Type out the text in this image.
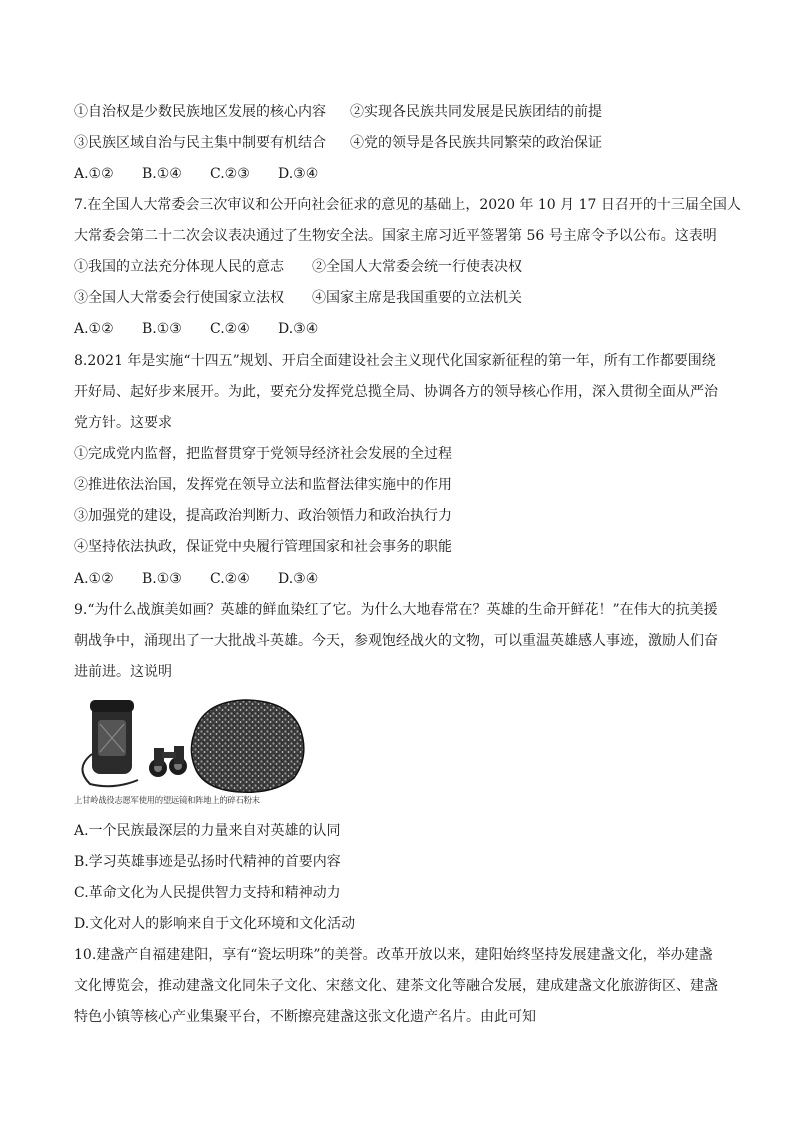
①自治权是少数民族地区发展的核心内容 ②实现各民族共同发展是民族团结的前提
③民族区域自治与民主集中制要有机结合 ④党的领导是各民族共同繁荣的政治保证
A.①② B.①④ C.②③ D.③④
7.在全国人大常委会三次审议和公开向社会征求的意见的基础上，2020 年 10 月 17 日召开的十三届全国人
大常委会第二十二次会议表决通过了生物安全法。国家主席习近平签署第 56 号主席令予以公布。这表明
①我国的立法充分体现人民的意志 ②全国人大常委会统一行使表决权
③全国人大常委会行使国家立法权 ④国家主席是我国重要的立法机关
A.①② B.①③ C.②④ D.③④
8.2021 年是实施“十四五”规划、开启全面建设社会主义现代化国家新征程的第一年，所有工作都要围绕
开好局、起好步来展开。为此，要充分发挥党总揽全局、协调各方的领导核心作用，深入贯彻全面从严治
党方针。这要求
①完成党内监督，把监督贯穿于党领导经济社会发展的全过程
②推进依法治国，发挥党在领导立法和监督法律实施中的作用
③加强党的建设，提高政治判断力、政治领悟力和政治执行力
④坚持依法执政，保证党中央履行管理国家和社会事务的职能
A.①② B.①③ C.②④ D.③④
9.“为什么战旗美如画？英雄的鲜血染红了它。为什么大地春常在？英雄的生命开鲜花！”在伟大的抗美援
朝战争中，涌现出了一大批战斗英雄。今天，参观饱经战火的文物，可以重温英雄感人事迹，激励人们奋
进前进。这说明
上甘岭战役志愿军使用的望远镜和阵地上的碎石粉末
A.一个民族最深层的力量来自对英雄的认同
B.学习英雄事迹是弘扬时代精神的首要内容
C.革命文化为人民提供智力支持和精神动力
D.文化对人的影响来自于文化环境和文化活动
10.建盏产自福建建阳，享有“瓷坛明珠”的美誉。改革开放以来，建阳始终坚持发展建盏文化，举办建盏
文化博览会，推动建盏文化同朱子文化、宋慈文化、建茶文化等融合发展，建成建盏文化旅游街区、建盏
特色小镇等核心产业集聚平台，不断擦亮建盏这张文化遗产名片。由此可知
